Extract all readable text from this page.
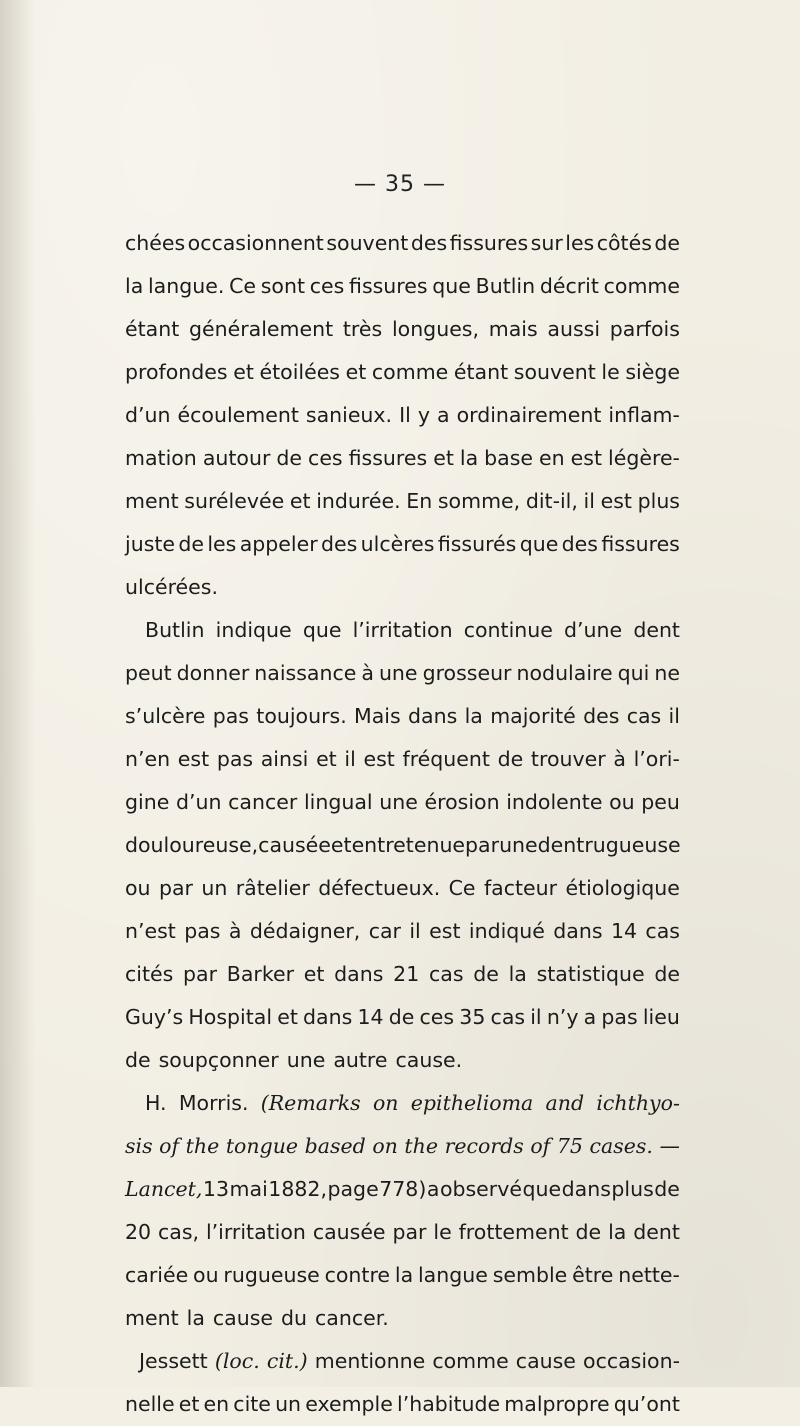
— 35 —
chées occasionnent souvent des fissures sur les côtés de
la langue. Ce sont ces fissures que Butlin décrit comme
étant généralement très longues, mais aussi parfois
profondes et étoilées et comme étant souvent le siège
d’un écoulement sanieux. Il y a ordinairement inflam-
mation autour de ces fissures et la base en est légère-
ment surélevée et indurée. En somme, dit-il, il est plus
juste de les appeler des ulcères fissurés que des fissures
ulcérées.
Butlin indique que l’irritation continue d’une dent
peut donner naissance à une grosseur nodulaire qui ne
s’ulcère pas toujours. Mais dans la majorité des cas il
n’en est pas ainsi et il est fréquent de trouver à l’ori-
gine d’un cancer lingual une érosion indolente ou peu
douloureuse, causée et entretenue par une dent rugueuse
ou par un râtelier défectueux. Ce facteur étiologique
n’est pas à dédaigner, car il est indiqué dans 14 cas
cités par Barker et dans 21 cas de la statistique de
Guy’s Hospital et dans 14 de ces 35 cas il n’y a pas lieu
de soupçonner une autre cause.
H. Morris. (Remarks on epithelioma and ichthyo-
sis of the tongue based on the records of 75 cases. —
Lancet, 13 mai 1882, page 778) a observé que dans plus de
20 cas, l’irritation causée par le frottement de la dent
cariée ou rugueuse contre la langue semble être nette-
ment la cause du cancer.
Jessett (loc. cit.) mentionne comme cause occasion-
nelle et en cite un exemple l’habitude malpropre qu’ont
